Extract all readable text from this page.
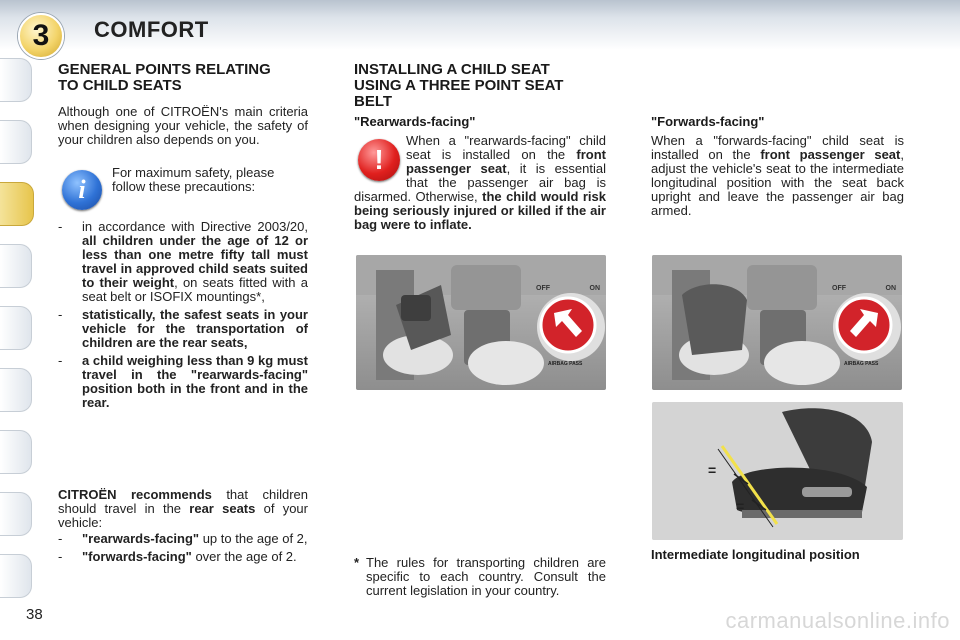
3	COMFORT
GENERAL POINTS RELATING
TO CHILD SEATS
Although one of CITROËN's main criteria when designing your vehicle, the safety of your children also depends on you.
i
For maximum safety, please follow these precautions:
- in accordance with Directive 2003/20, all children under the age of 12 or less than one metre fifty tall must travel in approved child seats suited to their weight, on seats fitted with a seat belt or ISOFIX mountings*,
- statistically, the safest seats in your vehicle for the transportation of children are the rear seats,
- a child weighing less than 9 kg must travel in the "rearwards-facing" position both in the front and in the rear.
CITROËN recommends that children should travel in the rear seats of your vehicle:
- "rearwards-facing" up to the age of 2,
- "forwards-facing" over the age of 2.
INSTALLING A CHILD SEAT
USING A THREE POINT SEAT
BELT
"Rearwards-facing"
!
When a "rearwards-facing" child seat is installed on the front passenger seat, it is essential that the passenger air bag is disarmed. Otherwise, the child would risk being seriously injured or killed if the air bag were to inflate.
OFF	ON
AIRBAG PASS
* The rules for transporting children are specific to each country. Consult the current legislation in your country.
"Forwards-facing"
When a "forwards-facing" child seat is installed on the front passenger seat, adjust the vehicle's seat to the intermediate longitudinal position with the seat back upright and leave the passenger air bag armed.
OFF	ON
AIRBAG PASS
=
=
Intermediate longitudinal position
38	carmanualsonline.info
